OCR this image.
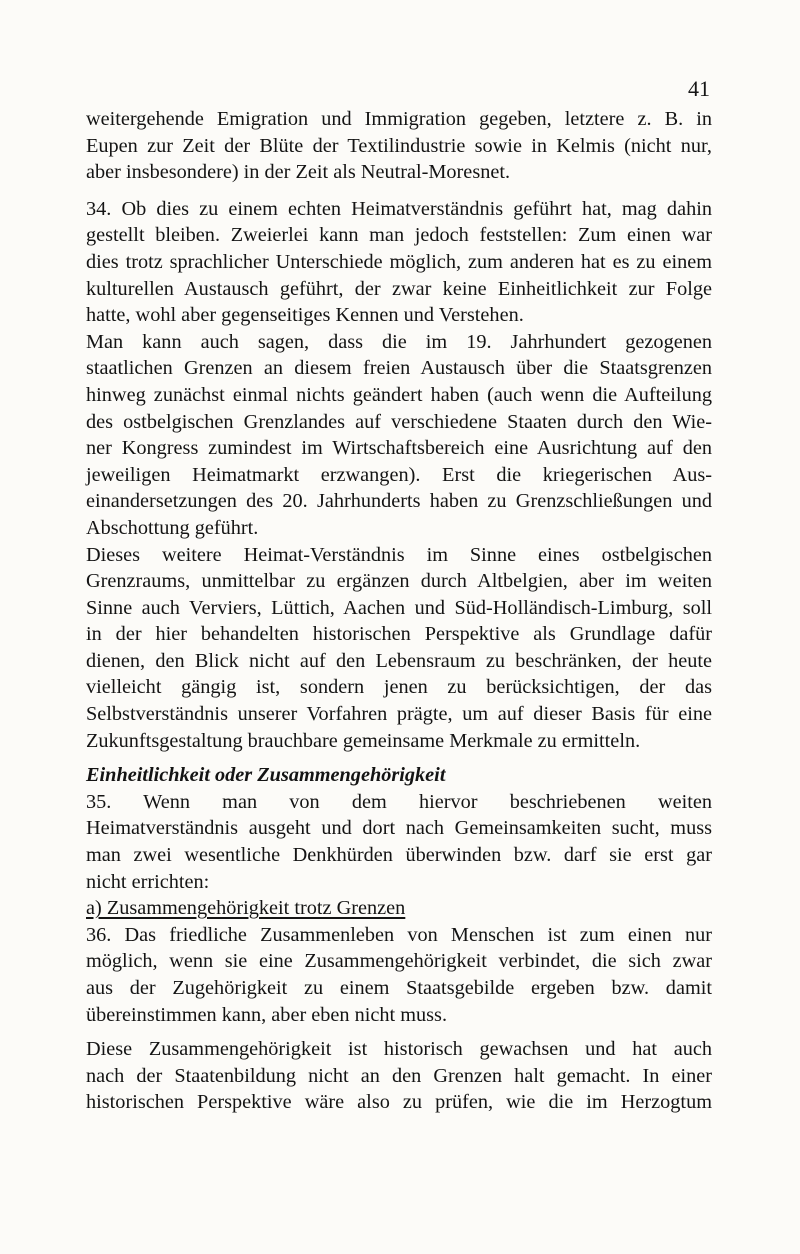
41
weitergehende Emigration und Immigration gegeben, letztere z. B. in
Eupen zur Zeit der Blüte der Textilindustrie sowie in Kelmis (nicht nur,
aber insbesondere) in der Zeit als Neutral-Moresnet.
34. Ob dies zu einem echten Heimatverständnis geführt hat, mag dahin
gestellt bleiben. Zweierlei kann man jedoch feststellen: Zum einen war
dies trotz sprachlicher Unterschiede möglich, zum anderen hat es zu einem
kulturellen Austausch geführt, der zwar keine Einheitlichkeit zur Folge
hatte, wohl aber gegenseitiges Kennen und Verstehen.
Man kann auch sagen, dass die im 19. Jahrhundert gezogenen
staatlichen Grenzen an diesem freien Austausch über die Staatsgrenzen
hinweg zunächst einmal nichts geändert haben (auch wenn die Aufteilung
des ostbelgischen Grenzlandes auf verschiedene Staaten durch den Wie-
ner Kongress zumindest im Wirtschaftsbereich eine Ausrichtung auf den
jeweiligen Heimatmarkt erzwangen). Erst die kriegerischen Aus-
einandersetzungen des 20. Jahrhunderts haben zu Grenzschließungen und
Abschottung geführt.
Dieses weitere Heimat-Verständnis im Sinne eines ostbelgischen
Grenzraums, unmittelbar zu ergänzen durch Altbelgien, aber im weiten
Sinne auch Verviers, Lüttich, Aachen und Süd-Holländisch-Limburg, soll
in der hier behandelten historischen Perspektive als Grundlage dafür
dienen, den Blick nicht auf den Lebensraum zu beschränken, der heute
vielleicht gängig ist, sondern jenen zu berücksichtigen, der das
Selbstverständnis unserer Vorfahren prägte, um auf dieser Basis für eine
Zukunftsgestaltung brauchbare gemeinsame Merkmale zu ermitteln.
Einheitlichkeit oder Zusammengehörigkeit
35. Wenn man von dem hiervor beschriebenen weiten
Heimatverständnis ausgeht und dort nach Gemeinsamkeiten sucht, muss
man zwei wesentliche Denkhürden überwinden bzw. darf sie erst gar
nicht errichten:
a) Zusammengehörigkeit trotz Grenzen
36. Das friedliche Zusammenleben von Menschen ist zum einen nur
möglich, wenn sie eine Zusammengehörigkeit verbindet, die sich zwar
aus der Zugehörigkeit zu einem Staatsgebilde ergeben bzw. damit
übereinstimmen kann, aber eben nicht muss.
Diese Zusammengehörigkeit ist historisch gewachsen und hat auch
nach der Staatenbildung nicht an den Grenzen halt gemacht. In einer
historischen Perspektive wäre also zu prüfen, wie die im Herzogtum
